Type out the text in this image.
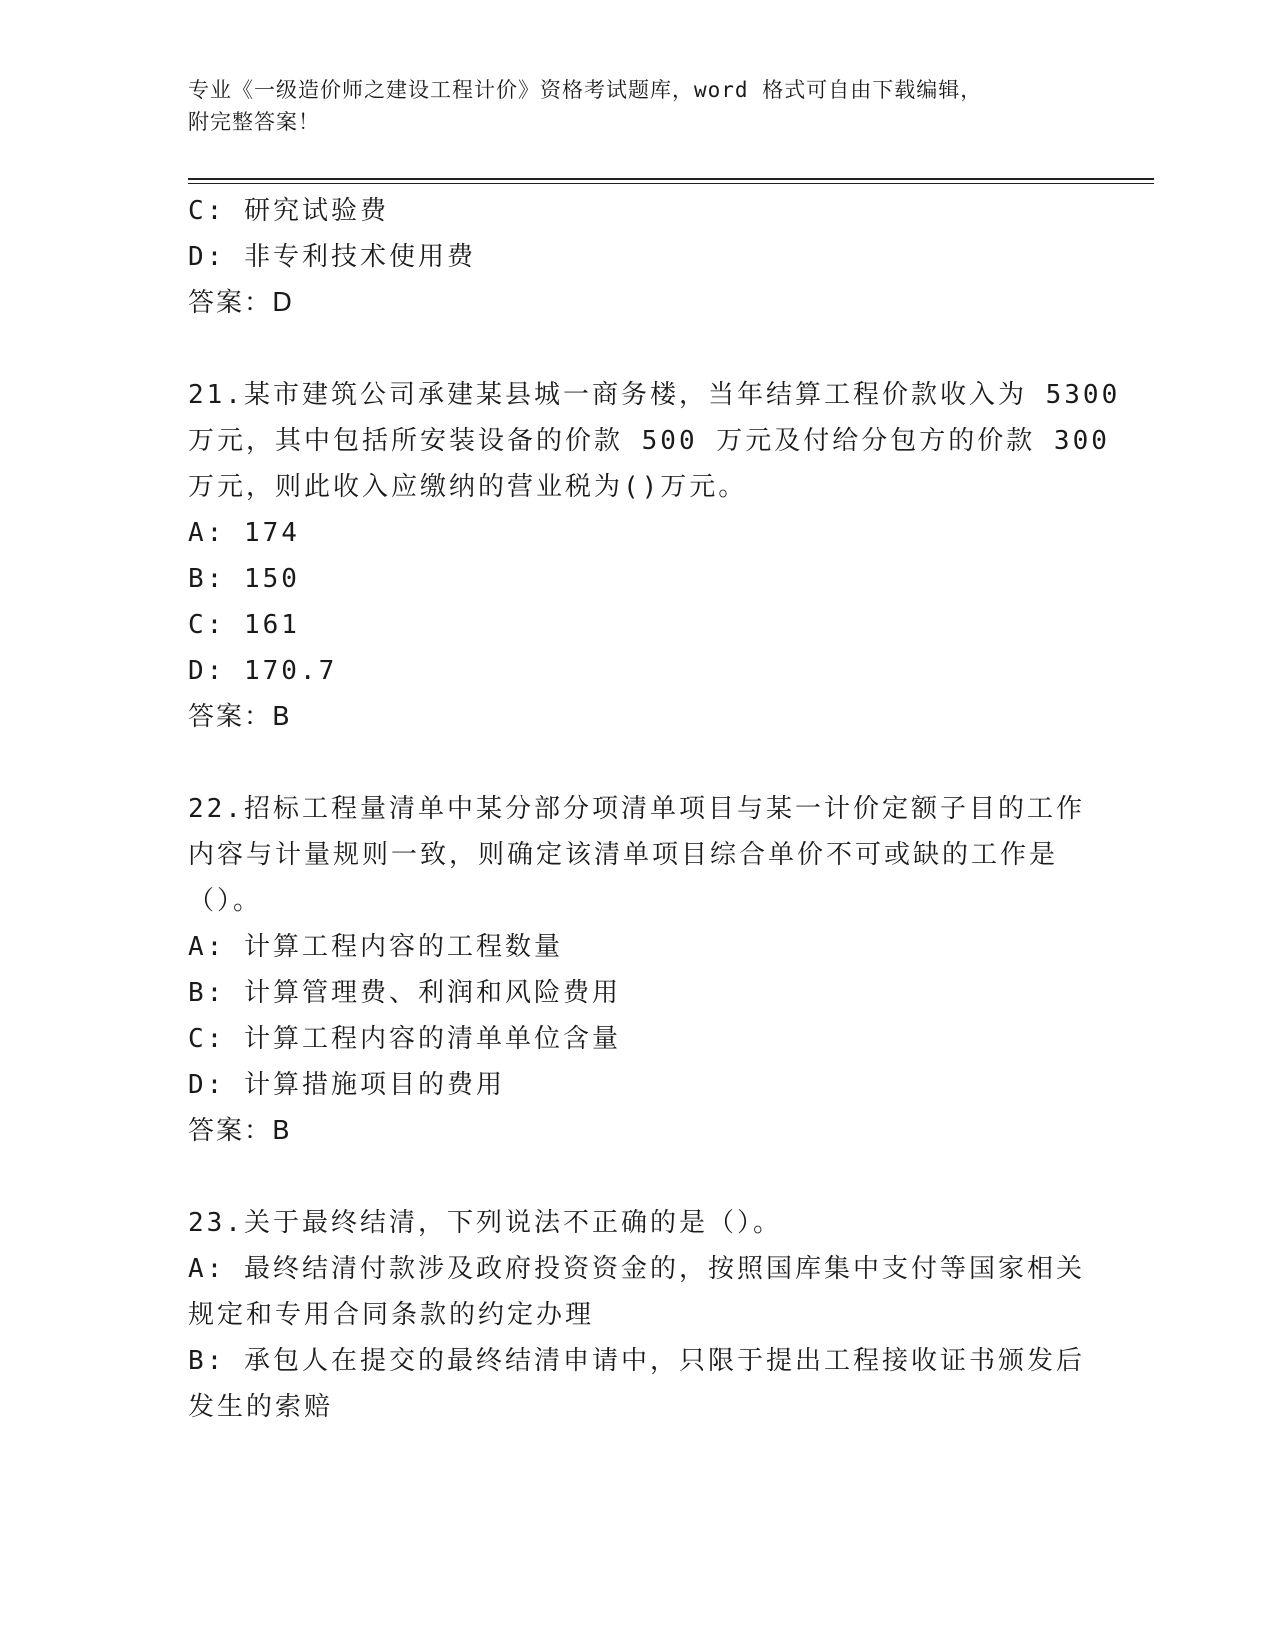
专业《一级造价师之建设工程计价》资格考试题库，word 格式可自由下载编辑，

附完整答案！

C: 研究试验费
D: 非专利技术使用费
答案：D
21.某市建筑公司承建某县城一商务楼，当年结算工程价款收入为 5300
万元，其中包括所安装设备的价款 500 万元及付给分包方的价款 300
万元，则此收入应缴纳的营业税为()万元。
A: 174
B: 150
C: 161
D: 170.7
答案：B
22.招标工程量清单中某分部分项清单项目与某一计价定额子目的工作
内容与计量规则一致，则确定该清单项目综合单价不可或缺的工作是
（）。
A: 计算工程内容的工程数量
B: 计算管理费、利润和风险费用
C: 计算工程内容的清单单位含量
D: 计算措施项目的费用
答案：B
23.关于最终结清，下列说法不正确的是（）。
A: 最终结清付款涉及政府投资资金的，按照国库集中支付等国家相关
规定和专用合同条款的约定办理
B: 承包人在提交的最终结清申请中，只限于提出工程接收证书颁发后
发生的索赔
